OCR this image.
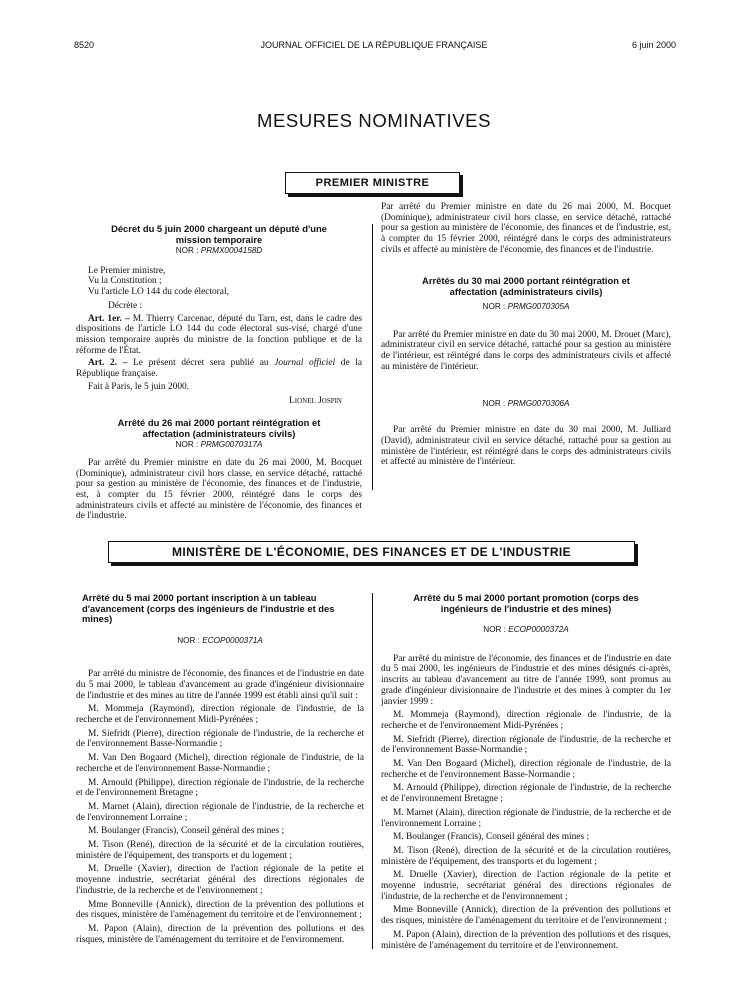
8520	JOURNAL OFFICIEL DE LA RÉPUBLIQUE FRANÇAISE	6 juin 2000
MESURES NOMINATIVES
PREMIER MINISTRE
Décret du 5 juin 2000 chargeant un député d'une mission temporaire
NOR : PRMX0004158D

Le Premier ministre,

Vu la Constitution ;

Vu l'article LO 144 du code électoral,

Décrète :

Art. 1er. – M. Thierry Carcenac, député du Tarn, est, dans le cadre des dispositions de l'article LO 144 du code électoral sus-visé, chargé d'une mission temporaire auprès du ministre de la fonction publique et de la réforme de l'État.

Art. 2. – Le présent décret sera publié au Journal officiel de la République française.

Fait à Paris, le 5 juin 2000.

Lionel Jospin

Arrêté du 26 mai 2000 portant réintégration et affectation (administrateurs civils)
NOR : PRMG0070317A

Par arrêté du Premier ministre en date du 26 mai 2000, M. Bocquet (Dominique), administrateur civil hors classe, en service détaché, rattaché pour sa gestion au ministère de l'économie, des finances et de l'industrie, est, à compter du 15 février 2000, réintégré dans le corps des administrateurs civils et affecté au ministère de l'économie, des finances et de l'industrie.

Par arrêté du Premier ministre en date du 26 mai 2000, M. Bocquet (Dominique), administrateur civil hors classe, en service détaché, rattaché pour sa gestion au ministère de l'économie, des finances et de l'industrie, est, à compter du 15 février 2000, réintégré dans le corps des administrateurs civils et affecté au ministère de l'économie, des finances et de l'industrie.

Arrêtés du 30 mai 2000 portant réintégration et affectation (administrateurs civils)
NOR : PRMG0070305A

Par arrêté du Premier ministre en date du 30 mai 2000, M. Drouet (Marc), administrateur civil en service détaché, rattaché pour sa gestion au ministère de l'intérieur, est réintégré dans le corps des administrateurs civils et affecté au ministère de l'intérieur.

NOR : PRMG0070306A

Par arrêté du Premier ministre en date du 30 mai 2000, M. Julliard (David), administrateur civil en service détaché, rattaché pour sa gestion au ministère de l'intérieur, est réintégré dans le corps des administrateurs civils et affecté au ministère de l'intérieur.

MINISTÈRE DE L'ÉCONOMIE, DES FINANCES ET DE L'INDUSTRIE
Arrêté du 5 mai 2000 portant inscription à un tableau d'avancement (corps des ingénieurs de l'industrie et des mines)
NOR : ECOP0000371A

Par arrêté du ministre de l'économie, des finances et de l'industrie en date du 5 mai 2000, le tableau d'avancement au grade d'ingénieur divisionnaire de l'industrie et des mines au titre de l'année 1999 est établi ainsi qu'il suit :

M. Mommeja (Raymond), direction régionale de l'industrie, de la recherche et de l'environnement Midi-Pyrénées ;

M. Siefridt (Pierre), direction régionale de l'industrie, de la recherche et de l'environnement Basse-Normandie ;

M. Van Den Bogaard (Michel), direction régionale de l'industrie, de la recherche et de l'environnement Basse-Normandie ;

M. Arnould (Philippe), direction régionale de l'industrie, de la recherche et de l'environnement Bretagne ;

M. Marnet (Alain), direction régionale de l'industrie, de la recherche et de l'environnement Lorraine ;

M. Boulanger (Francis), Conseil général des mines ;

M. Tison (René), direction de la sécurité et de la circulation routières, ministère de l'équipement, des transports et du logement ;

M. Druelle (Xavier), direction de l'action régionale de la petite et moyenne industrie, secrétariat général des directions régionales de l'industrie, de la recherche et de l'environnement ;

Mme Bonneville (Annick), direction de la prévention des pollutions et des risques, ministère de l'aménagement du territoire et de l'environnement ;

M. Papon (Alain), direction de la prévention des pollutions et des risques, ministère de l'aménagement du territoire et de l'environnement.

Arrêté du 5 mai 2000 portant promotion (corps des ingénieurs de l'industrie et des mines)
NOR : ECOP0000372A

Par arrêté du ministre de l'économie, des finances et de l'industrie en date du 5 mai 2000, les ingénieurs de l'industrie et des mines désignés ci-après, inscrits au tableau d'avancement au titre de l'année 1999, sont promus au grade d'ingénieur divisionnaire de l'industrie et des mines à compter du 1er janvier 1999 :

M. Mommeja (Raymond), direction régionale de l'industrie, de la recherche et de l'environnement Midi-Pyrénées ;

M. Siefridt (Pierre), direction régionale de l'industrie, de la recherche et de l'environnement Basse-Normandie ;

M. Van Den Bogaard (Michel), direction régionale de l'industrie, de la recherche et de l'environnement Basse-Normandie ;

M. Arnould (Philippe), direction régionale de l'industrie, de la recherche et de l'environnement Bretagne ;

M. Marnet (Alain), direction régionale de l'industrie, de la recherche et de l'environnement Lorraine ;

M. Boulanger (Francis), Conseil général des mines ;

M. Tison (René), direction de la sécurité et de la circulation routières, ministère de l'équipement, des transports et du logement ;

M. Druelle (Xavier), direction de l'action régionale de la petite et moyenne industrie, secrétariat général des directions régionales de l'industrie, de la recherche et de l'environnement ;

Mme Bonneville (Annick), direction de la prévention des pollutions et des risques, ministère de l'aménagement du territoire et de l'environnement ;

M. Papon (Alain), direction de la prévention des pollutions et des risques, ministère de l'aménagement du territoire et de l'environnement.
